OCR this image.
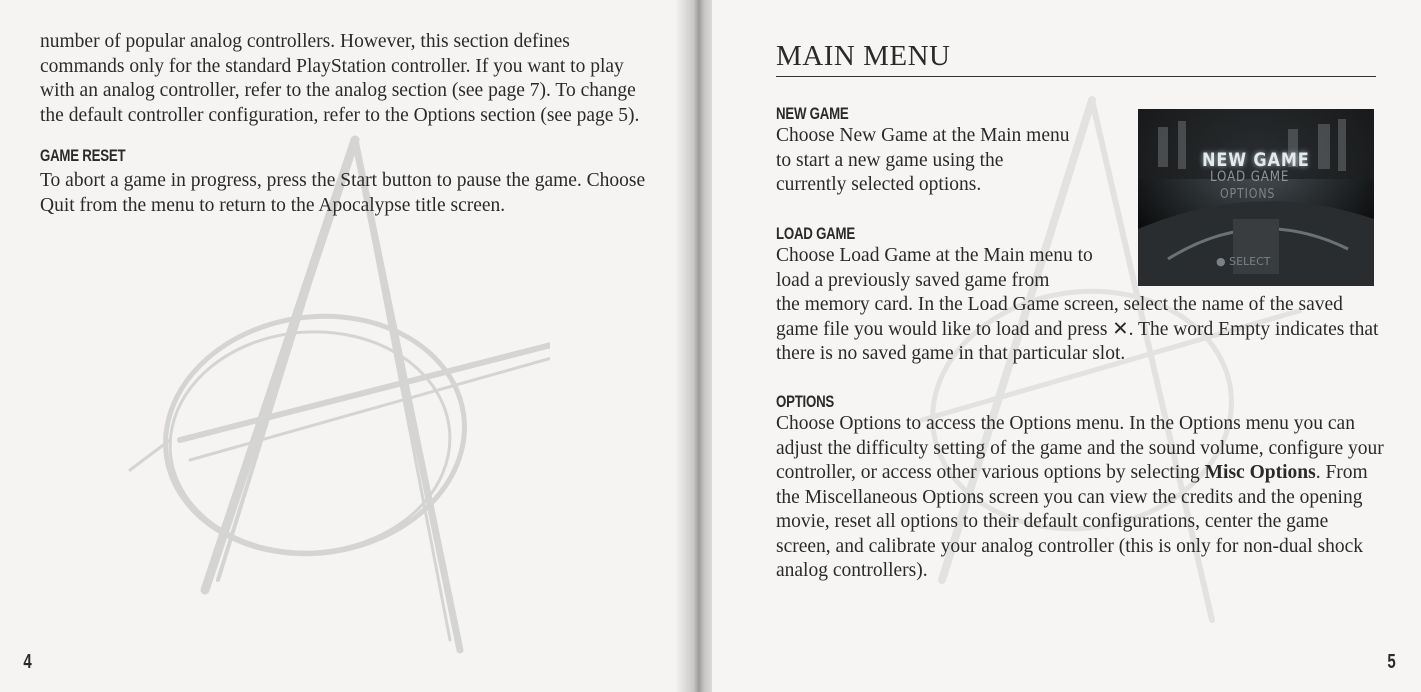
number of popular analog controllers. However, this section defines commands only for the standard PlayStation controller. If you want to play with an analog controller, refer to the analog section (see page 7). To change the default controller configuration, refer to the Options section (see page 5).

GAME RESET

To abort a game in progress, press the Start button to pause the game. Choose Quit from the menu to return to the Apocalypse title screen.

4
MAIN MENU
NEW GAME
LOAD GAME
OPTIONS
● SELECT
NEW GAME

Choose New Game at the Main menu to start a new game using the currently selected options.

LOAD GAME

Choose Load Game at the Main menu to load a previously saved game from

the memory card. In the Load Game screen, select the name of the saved game file you would like to load and press ✕. The word Empty indicates that there is no saved game in that particular slot.

OPTIONS

Choose Options to access the Options menu. In the Options menu you can adjust the difficulty setting of the game and the sound volume, configure your controller, or access other various options by selecting Misc Options. From the Miscellaneous Options screen you can view the credits and the opening movie, reset all options to their default configurations, center the game screen, and calibrate your analog controller (this is only for non-dual shock analog controllers).

5
